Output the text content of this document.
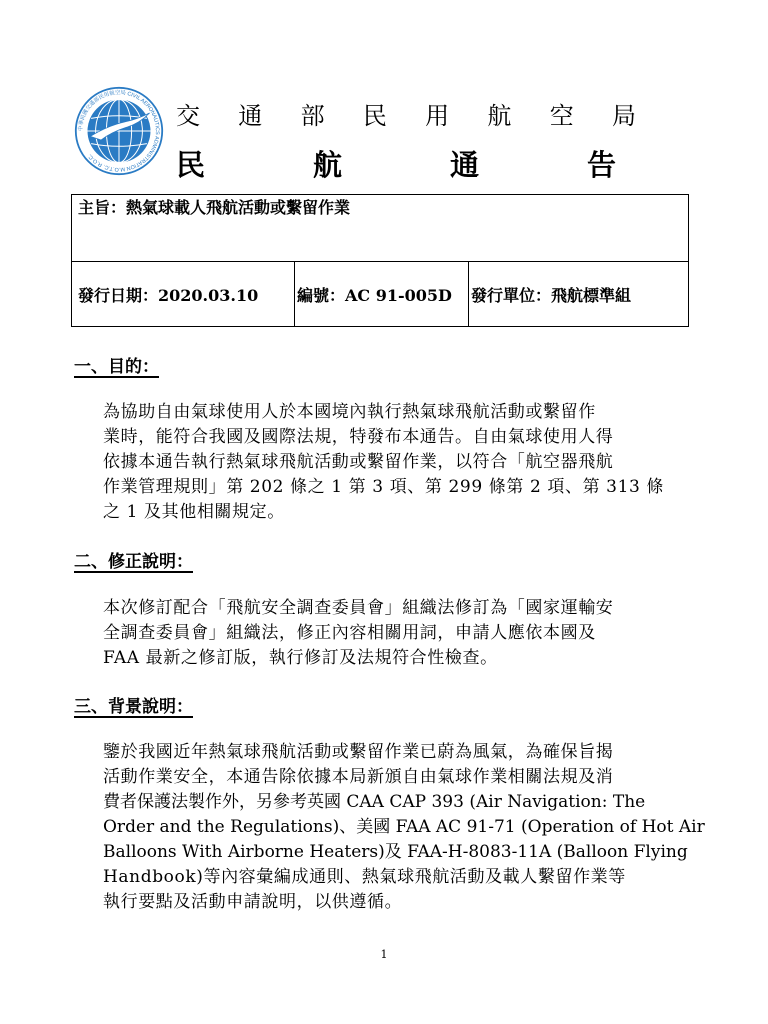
中華民國交通部民用航空局 CIVIL AERONAUTICS ADMINISTRATION M.O.T.C. R.O.C.
交 通 部 民 用 航 空 局
民	航	通	告
主旨：熱氣球載人飛航活動或繫留作業
發行日期：2020.03.10	編號：AC 91-005D	發行單位：飛航標準組
一、目的：
為協助自由氣球使用人於本國境內執行熱氣球飛航活動或繫留作
業時，能符合我國及國際法規，特發布本通告。自由氣球使用人得
依據本通告執行熱氣球飛航活動或繫留作業，以符合「航空器飛航
作業管理規則」第 202 條之 1 第 3 項、第 299 條第 2 項、第 313 條
之 1 及其他相關規定。
二、修正說明：
本次修訂配合「飛航安全調查委員會」組織法修訂為「國家運輸安
全調查委員會」組織法，修正內容相關用詞，申請人應依本國及
FAA 最新之修訂版，執行修訂及法規符合性檢查。
三、背景說明：
鑒於我國近年熱氣球飛航活動或繫留作業已蔚為風氣，為確保旨揭
活動作業安全，本通告除依據本局新頒自由氣球作業相關法規及消
費者保護法製作外，另參考英國 CAA CAP 393 (Air Navigation: The
Order and the Regulations)、美國 FAA AC 91-71 (Operation of Hot Air
Balloons With Airborne Heaters)及 FAA-H-8083-11A (Balloon Flying
Handbook)等內容彙編成通則、熱氣球飛航活動及載人繫留作業等
執行要點及活動申請說明，以供遵循。
1
